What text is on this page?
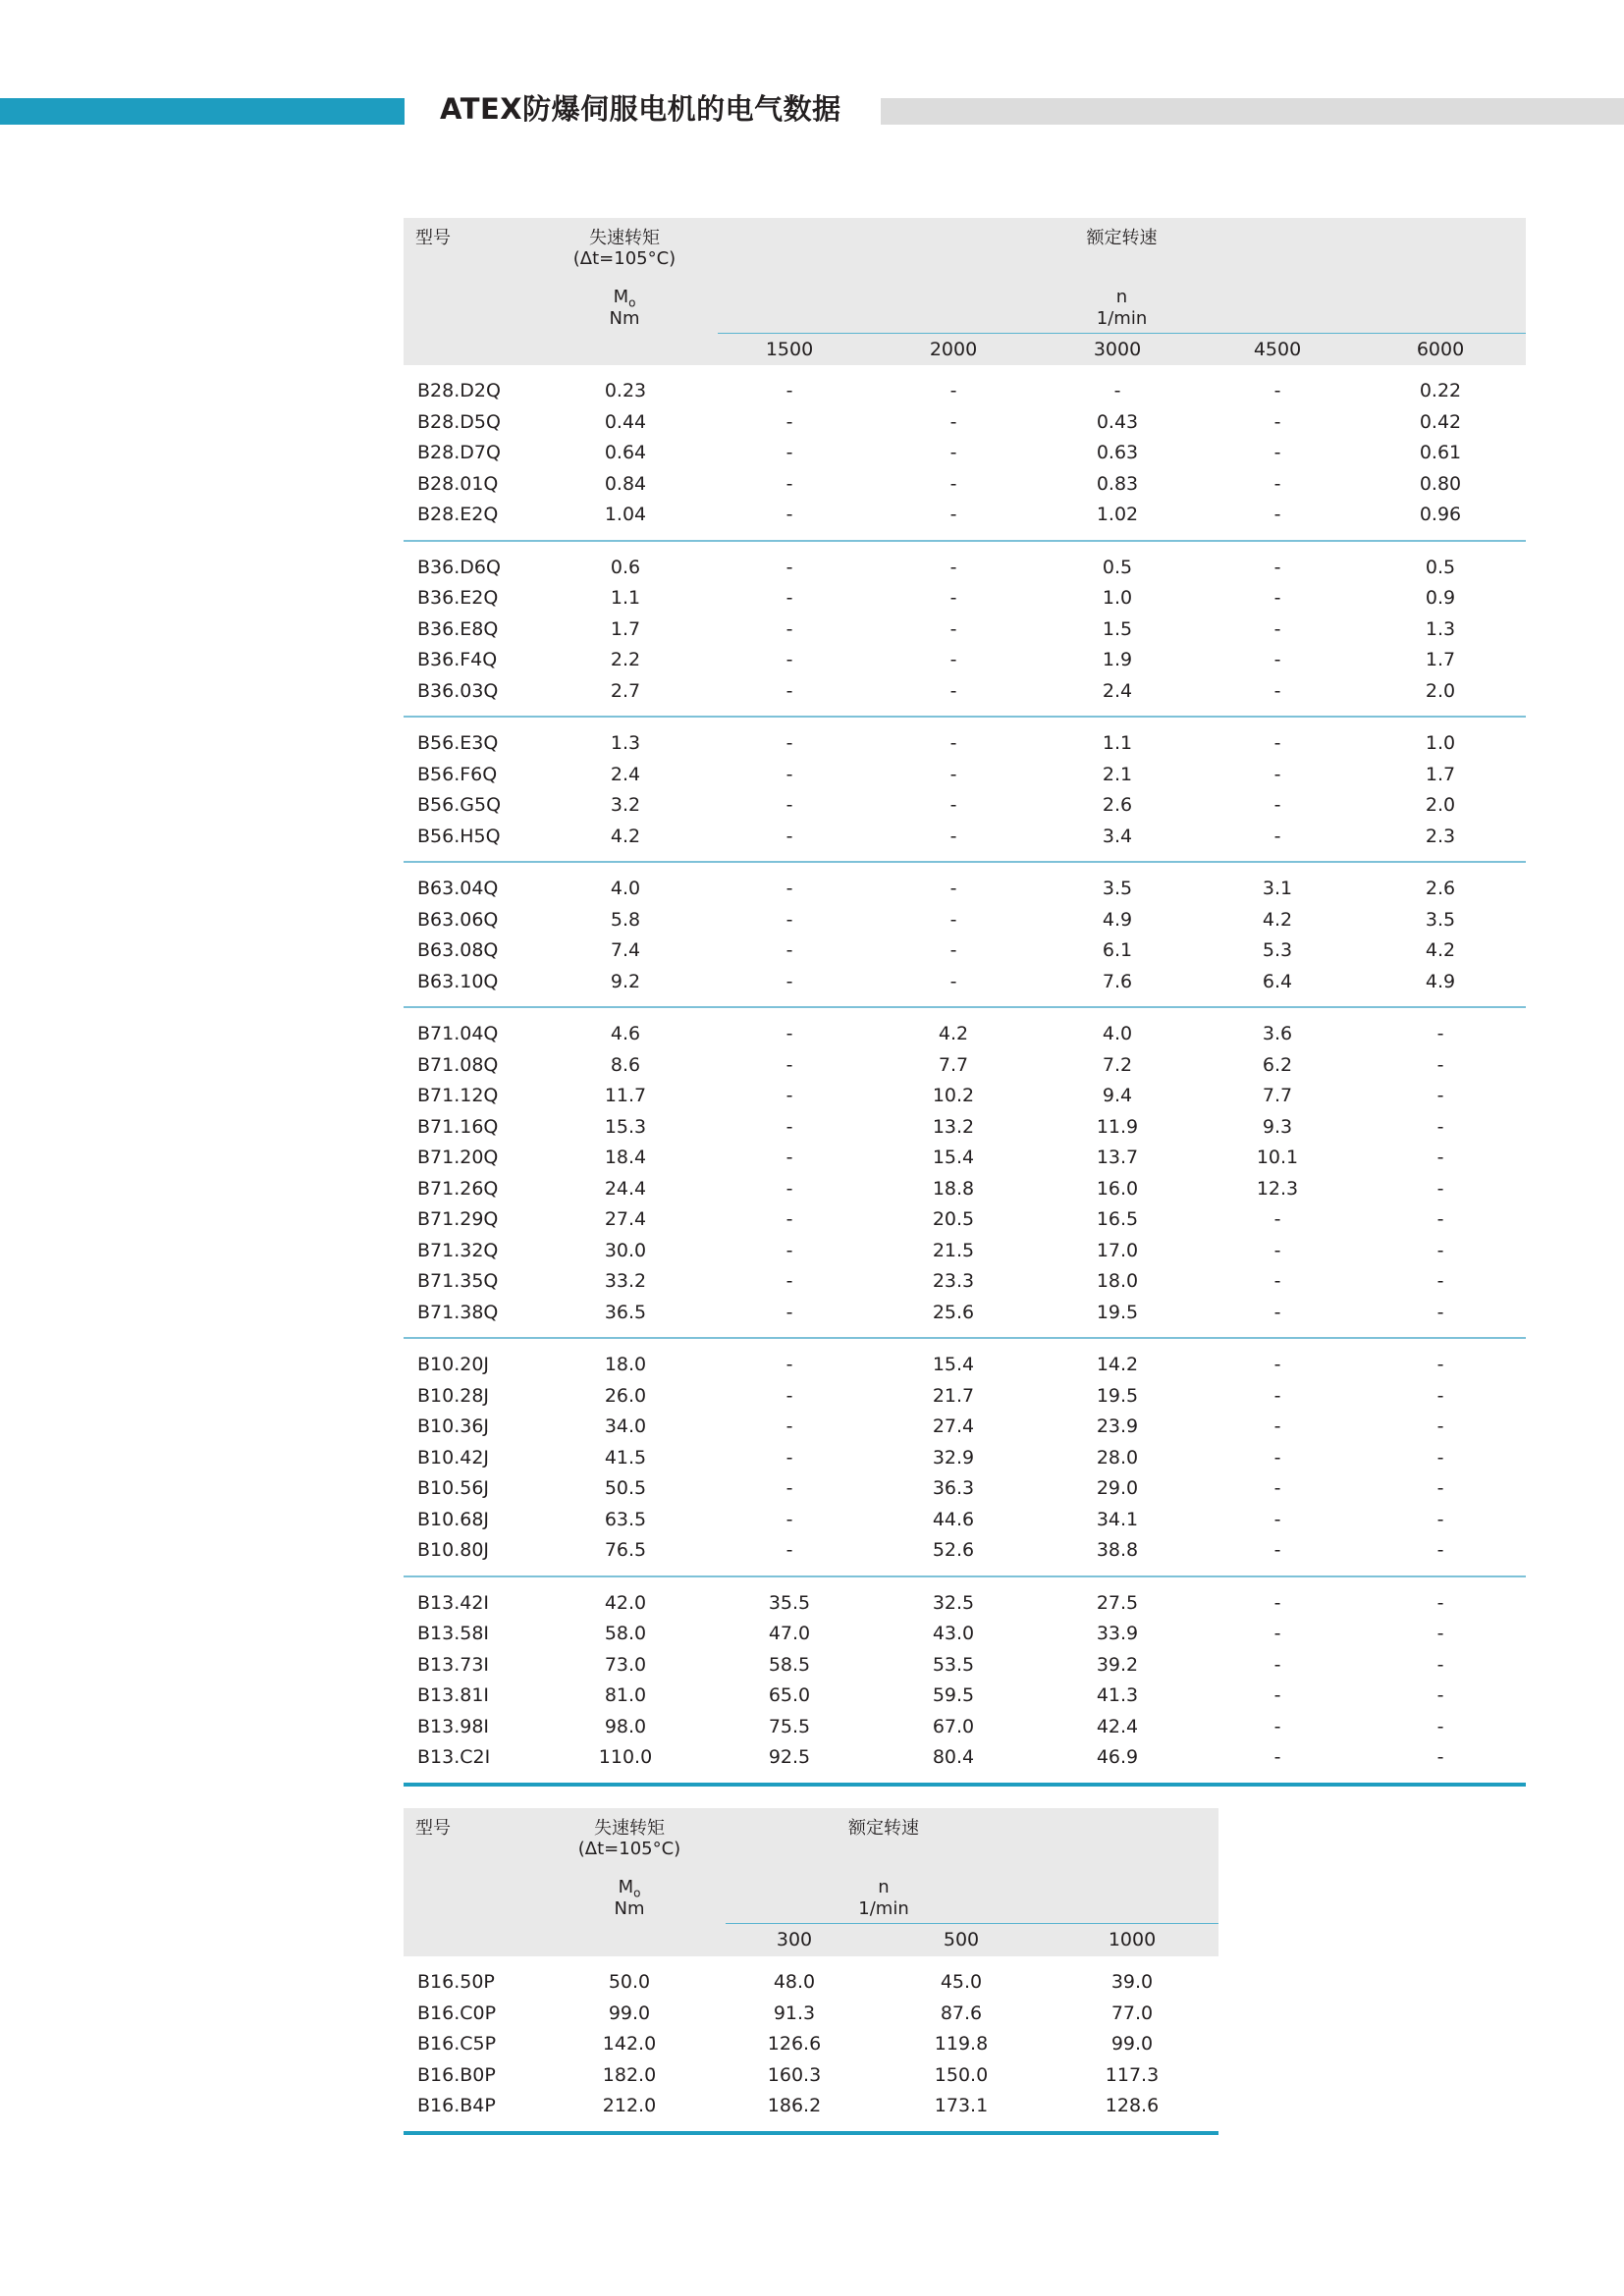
ATEX防爆伺服电机的电气数据
型号	失速转矩
(Δt=105°C)
$M_o$
Nm
额定转速
n
1/min
1500	2000	3000	4500	6000
B28.D2Q	0.23	-	-	-	-	0.22
B28.D5Q	0.44	-	-	0.43	-	0.42
B28.D7Q	0.64	-	-	0.63	-	0.61
B28.01Q	0.84	-	-	0.83	-	0.80
B28.E2Q	1.04	-	-	1.02	-	0.96
B36.D6Q	0.6	-	-	0.5	-	0.5
B36.E2Q	1.1	-	-	1.0	-	0.9
B36.E8Q	1.7	-	-	1.5	-	1.3
B36.F4Q	2.2	-	-	1.9	-	1.7
B36.03Q	2.7	-	-	2.4	-	2.0
B56.E3Q	1.3	-	-	1.1	-	1.0
B56.F6Q	2.4	-	-	2.1	-	1.7
B56.G5Q	3.2	-	-	2.6	-	2.0
B56.H5Q	4.2	-	-	3.4	-	2.3
B63.04Q	4.0	-	-	3.5	3.1	2.6
B63.06Q	5.8	-	-	4.9	4.2	3.5
B63.08Q	7.4	-	-	6.1	5.3	4.2
B63.10Q	9.2	-	-	7.6	6.4	4.9
B71.04Q	4.6	-	4.2	4.0	3.6	-
B71.08Q	8.6	-	7.7	7.2	6.2	-
B71.12Q	11.7	-	10.2	9.4	7.7	-
B71.16Q	15.3	-	13.2	11.9	9.3	-
B71.20Q	18.4	-	15.4	13.7	10.1	-
B71.26Q	24.4	-	18.8	16.0	12.3	-
B71.29Q	27.4	-	20.5	16.5	-	-
B71.32Q	30.0	-	21.5	17.0	-	-
B71.35Q	33.2	-	23.3	18.0	-	-
B71.38Q	36.5	-	25.6	19.5	-	-
B10.20J	18.0	-	15.4	14.2	-	-
B10.28J	26.0	-	21.7	19.5	-	-
B10.36J	34.0	-	27.4	23.9	-	-
B10.42J	41.5	-	32.9	28.0	-	-
B10.56J	50.5	-	36.3	29.0	-	-
B10.68J	63.5	-	44.6	34.1	-	-
B10.80J	76.5	-	52.6	38.8	-	-
B13.42I	42.0	35.5	32.5	27.5	-	-
B13.58I	58.0	47.0	43.0	33.9	-	-
B13.73I	73.0	58.5	53.5	39.2	-	-
B13.81I	81.0	65.0	59.5	41.3	-	-
B13.98I	98.0	75.5	67.0	42.4	-	-
B13.C2I	110.0	92.5	80.4	46.9	-	-
型号	失速转矩
(Δt=105°C)
$M_o$
Nm
额定转速
n
1/min
300	500	1000
B16.50P	50.0	48.0	45.0	39.0
B16.C0P	99.0	91.3	87.6	77.0
B16.C5P	142.0	126.6	119.8	99.0
B16.B0P	182.0	160.3	150.0	117.3
B16.B4P	212.0	186.2	173.1	128.6
